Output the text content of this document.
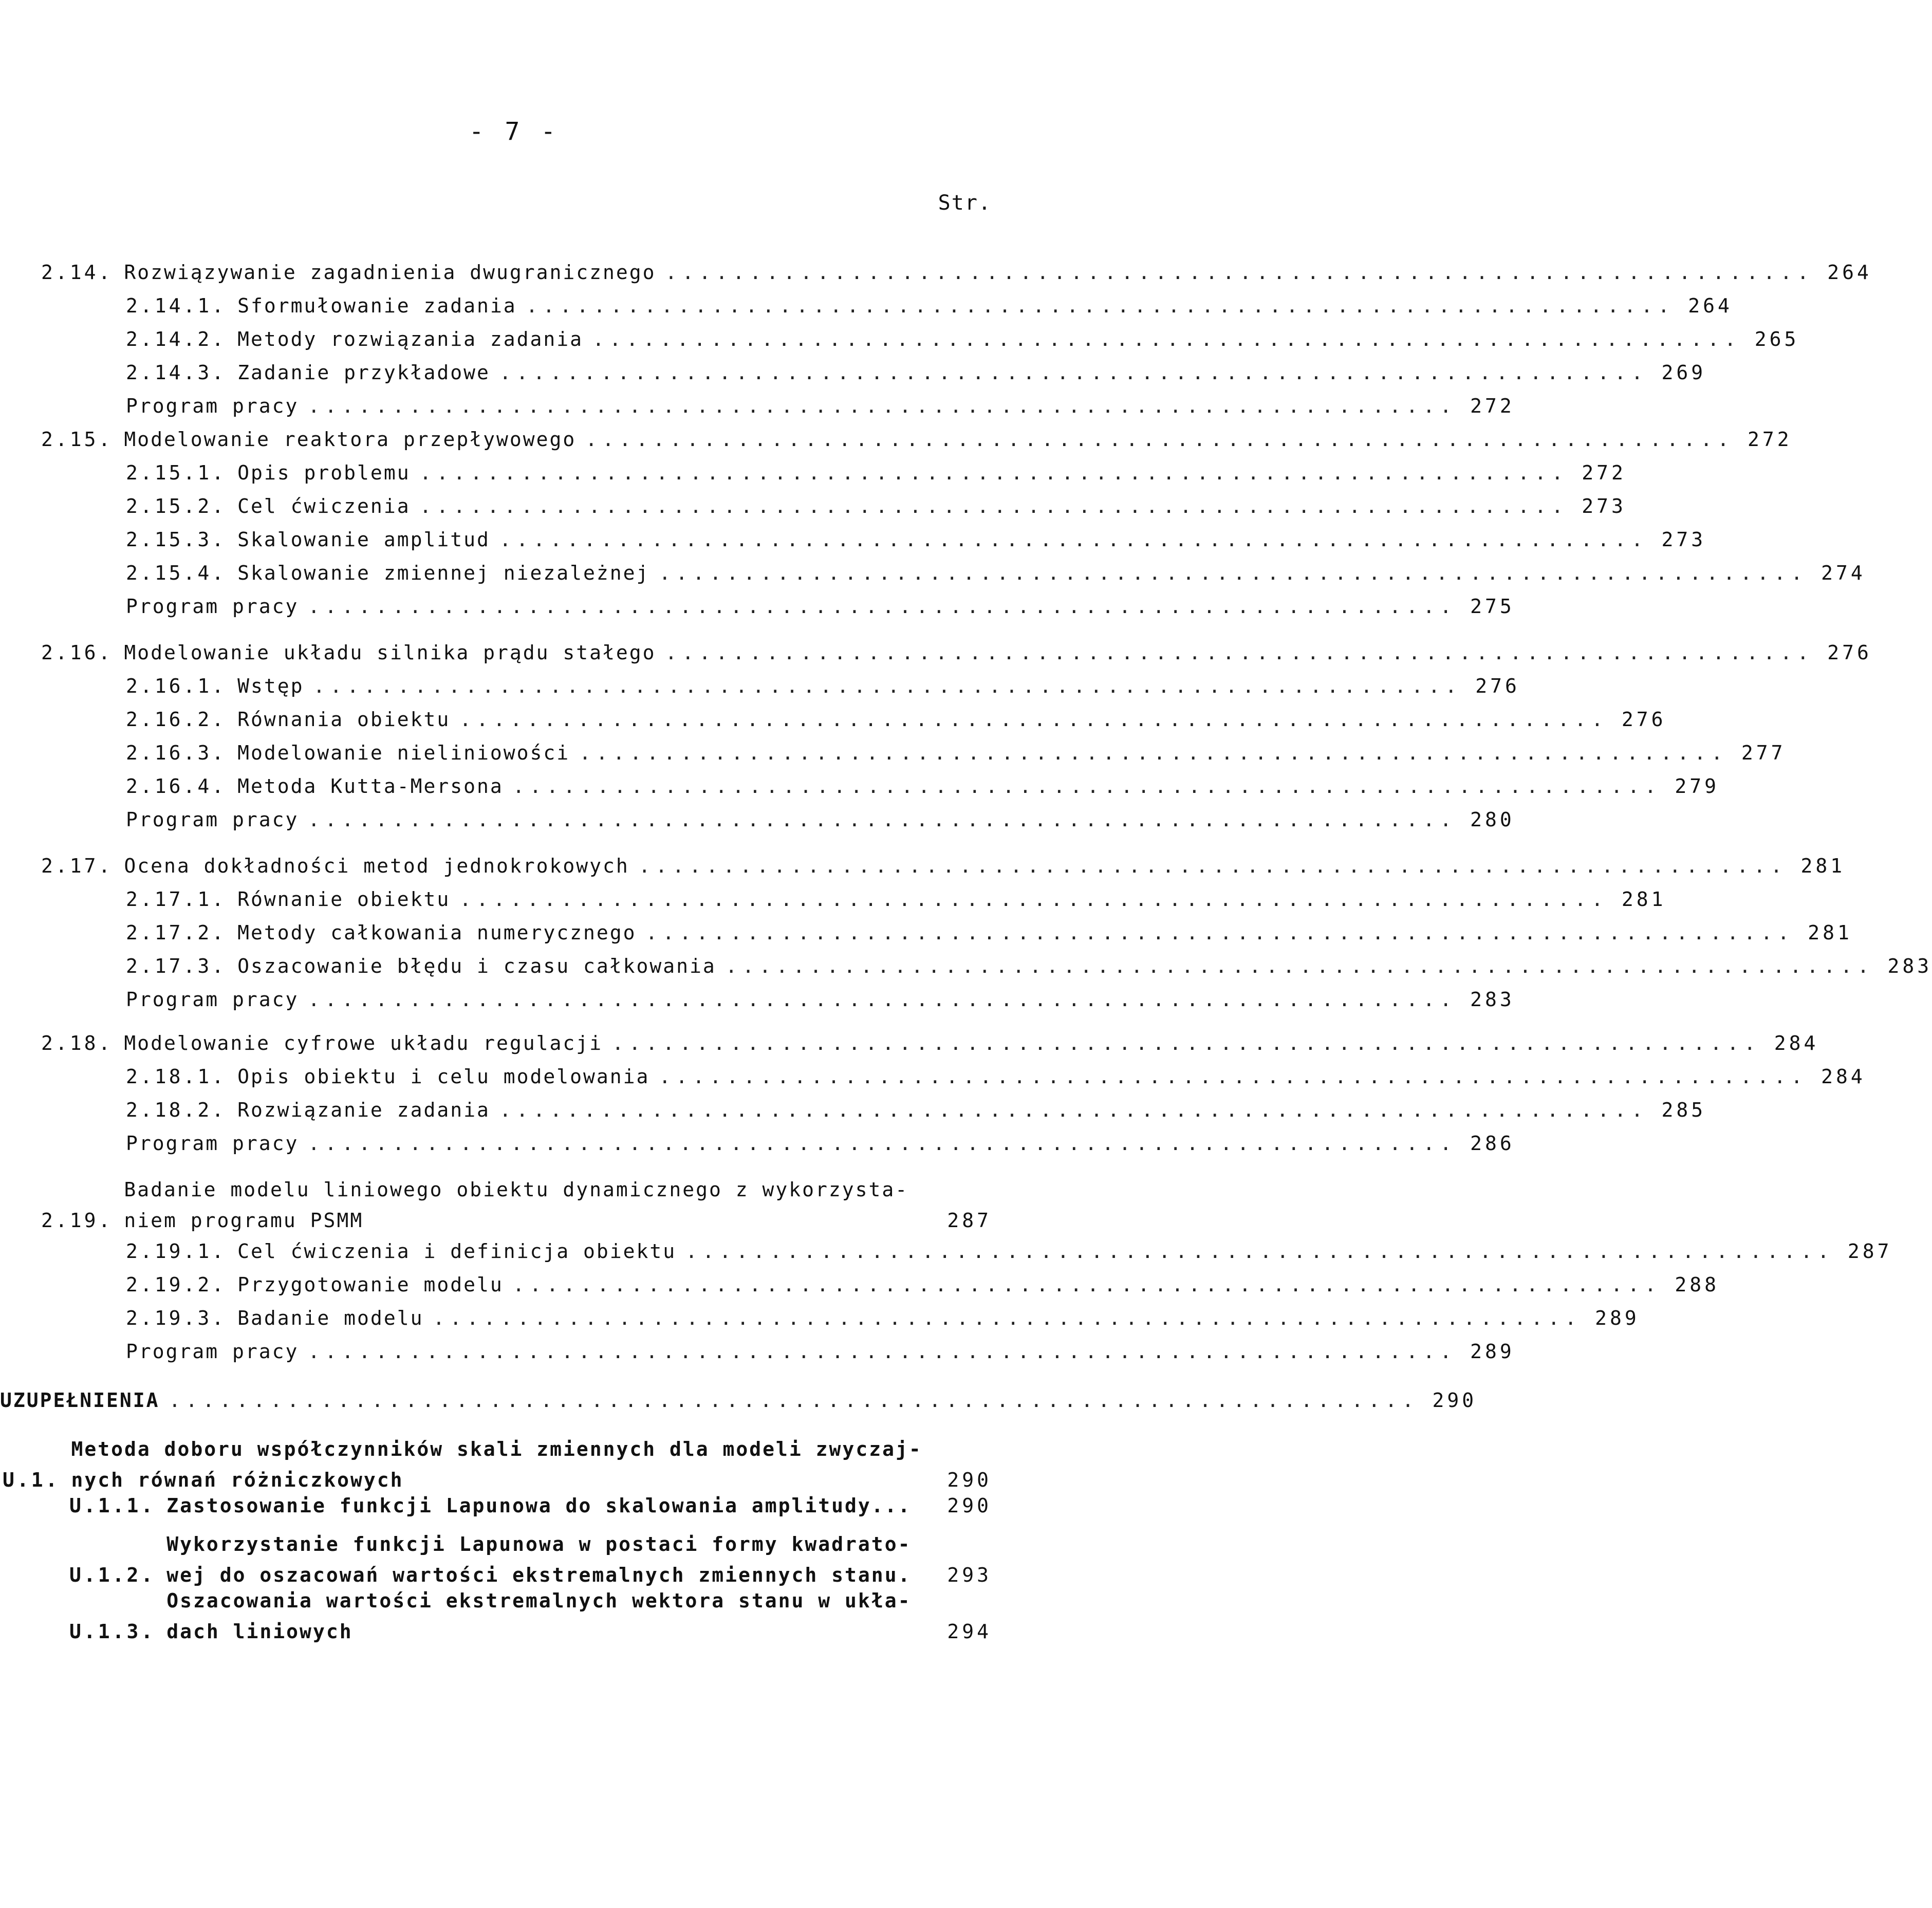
- 7 -
Str.
2.14. Rozwiązywanie zagadnienia dwugranicznego .................................................................... 264
2.14.1. Sformułowanie zadania .................................................................... 264
2.14.2. Metody rozwiązania zadania .................................................................... 265
2.14.3. Zadanie przykładowe .................................................................... 269
Program pracy .................................................................... 272
2.15. Modelowanie reaktora przepływowego .................................................................... 272
2.15.1. Opis problemu .................................................................... 272
2.15.2. Cel ćwiczenia .................................................................... 273
2.15.3. Skalowanie amplitud .................................................................... 273
2.15.4. Skalowanie zmiennej niezależnej .................................................................... 274
Program pracy .................................................................... 275
2.16. Modelowanie układu silnika prądu stałego .................................................................... 276
2.16.1. Wstęp .................................................................... 276
2.16.2. Równania obiektu .................................................................... 276
2.16.3. Modelowanie nieliniowości .................................................................... 277
2.16.4. Metoda Kutta-Mersona .................................................................... 279
Program pracy .................................................................... 280
2.17. Ocena dokładności metod jednokrokowych .................................................................... 281
2.17.1. Równanie obiektu .................................................................... 281
2.17.2. Metody całkowania numerycznego .................................................................... 281
2.17.3. Oszacowanie błędu i czasu całkowania .................................................................... 283
Program pracy .................................................................... 283
2.18. Modelowanie cyfrowe układu regulacji .................................................................... 284
2.18.1. Opis obiektu i celu modelowania .................................................................... 284
2.18.2. Rozwiązanie zadania .................................................................... 285
Program pracy .................................................................... 286
2.19.
Badanie modelu liniowego obiektu dynamicznego z wykorzysta-
niem programu PSMM	287
2.19.1. Cel ćwiczenia i definicja obiektu .................................................................... 287
2.19.2. Przygotowanie modelu .................................................................... 288
2.19.3. Badanie modelu .................................................................... 289
Program pracy .................................................................... 289
UZUPEŁNIENIA .......................................................................... 290
U.1.
Metoda doboru współczynników skali zmiennych dla modeli zwyczaj-
nych równań różniczkowych	290
U.1.1. Zastosowanie funkcji Lapunowa do skalowania amplitudy...	290
U.1.2.
Wykorzystanie funkcji Lapunowa w postaci formy kwadrato-
wej do oszacowań wartości ekstremalnych zmiennych stanu.	293
U.1.3.
Oszacowania wartości ekstremalnych wektora stanu w ukła-
dach liniowych	294
